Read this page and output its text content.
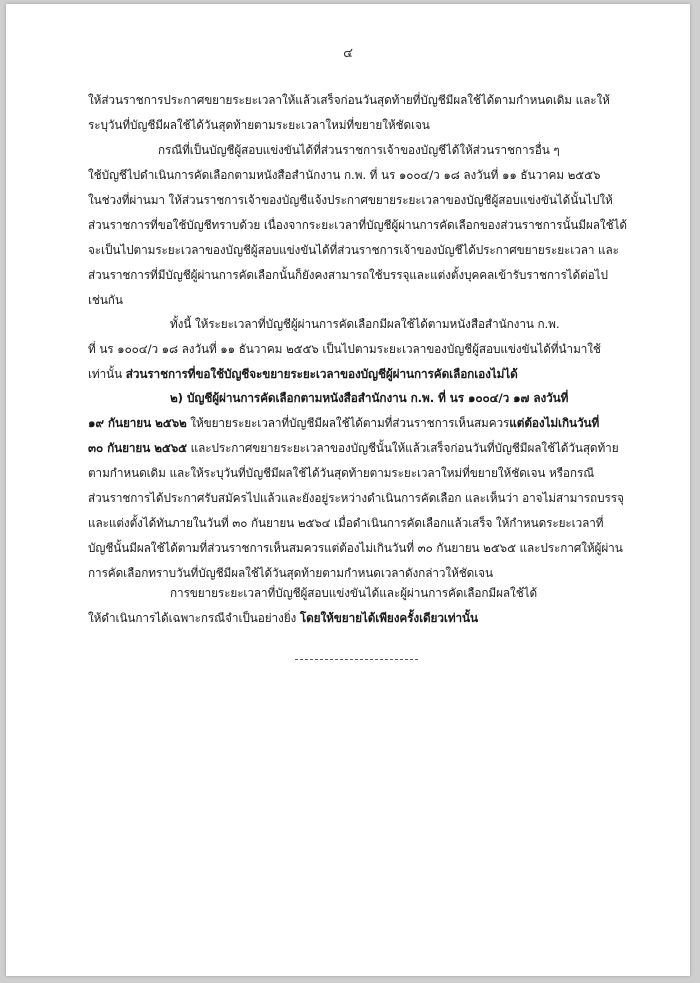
๔

ให้ส่วนราชการประกาศขยายระยะเวลาให้แล้วเสร็จก่อนวันสุดท้ายที่บัญชีมีผลใช้ได้ตามกำหนดเดิม และให้

ระบุวันที่บัญชีมีผลใช้ได้วันสุดท้ายตามระยะเวลาใหม่ที่ขยายให้ชัดเจน

กรณีที่เป็นบัญชีผู้สอบแข่งขันได้ที่ส่วนราชการเจ้าของบัญชีได้ให้ส่วนราชการอื่น ๆ

ใช้บัญชีไปดำเนินการคัดเลือกตามหนังสือสำนักงาน ก.พ. ที่ นร ๑๐๐๔/ว ๑๘ ลงวันที่ ๑๑ ธันวาคม ๒๕๕๖

ในช่วงที่ผ่านมา ให้ส่วนราชการเจ้าของบัญชีแจ้งประกาศขยายระยะเวลาของบัญชีผู้สอบแข่งขันได้นั้นไปให้

ส่วนราชการที่ขอใช้บัญชีทราบด้วย เนื่องจากระยะเวลาที่บัญชีผู้ผ่านการคัดเลือกของส่วนราชการนั้นมีผลใช้ได้

จะเป็นไปตามระยะเวลาของบัญชีผู้สอบแข่งขันได้ที่ส่วนราชการเจ้าของบัญชีได้ประกาศขยายระยะเวลา และ

ส่วนราชการที่มีบัญชีผู้ผ่านการคัดเลือกนั้นก็ยังคงสามารถใช้บรรจุและแต่งตั้งบุคคลเข้ารับราชการได้ต่อไป

เช่นกัน

ทั้งนี้ ให้ระยะเวลาที่บัญชีผู้ผ่านการคัดเลือกมีผลใช้ได้ตามหนังสือสำนักงาน ก.พ.

ที่ นร ๑๐๐๔/ว ๑๘ ลงวันที่ ๑๑ ธันวาคม ๒๕๕๖ เป็นไปตามระยะเวลาของบัญชีผู้สอบแข่งขันได้ที่นำมาใช้

เท่านั้น ส่วนราชการที่ขอใช้บัญชีจะขยายระยะเวลาของบัญชีผู้ผ่านการคัดเลือกเองไม่ได้

๒) บัญชีผู้ผ่านการคัดเลือกตามหนังสือสำนักงาน ก.พ. ที่ นร ๑๐๐๔/ว ๑๗ ลงวันที่

๑๙ กันยายน ๒๕๖๒ ให้ขยายระยะเวลาที่บัญชีมีผลใช้ได้ตามที่ส่วนราชการเห็นสมควรแต่ต้องไม่เกินวันที่

๓๐ กันยายน ๒๕๖๕ และประกาศขยายระยะเวลาของบัญชีนั้นให้แล้วเสร็จก่อนวันที่บัญชีมีผลใช้ได้วันสุดท้าย

ตามกำหนดเดิม และให้ระบุวันที่บัญชีมีผลใช้ได้วันสุดท้ายตามระยะเวลาใหม่ที่ขยายให้ชัดเจน หรือกรณี

ส่วนราชการได้ประกาศรับสมัครไปแล้วและยังอยู่ระหว่างดำเนินการคัดเลือก และเห็นว่า อาจไม่สามารถบรรจุ

และแต่งตั้งได้ทันภายในวันที่ ๓๐ กันยายน ๒๕๖๔ เมื่อดำเนินการคัดเลือกแล้วเสร็จ ให้กำหนดระยะเวลาที่

บัญชีนั้นมีผลใช้ได้ตามที่ส่วนราชการเห็นสมควรแต่ต้องไม่เกินวันที่ ๓๐ กันยายน ๒๕๖๕ และประกาศให้ผู้ผ่าน

การคัดเลือกทราบวันที่บัญชีมีผลใช้ได้วันสุดท้ายตามกำหนดเวลาดังกล่าวให้ชัดเจน

การขยายระยะเวลาที่บัญชีผู้สอบแข่งขันได้และผู้ผ่านการคัดเลือกมีผลใช้ได้

ให้ดำเนินการได้เฉพาะกรณีจำเป็นอย่างยิ่ง โดยให้ขยายได้เพียงครั้งเดียวเท่านั้น
